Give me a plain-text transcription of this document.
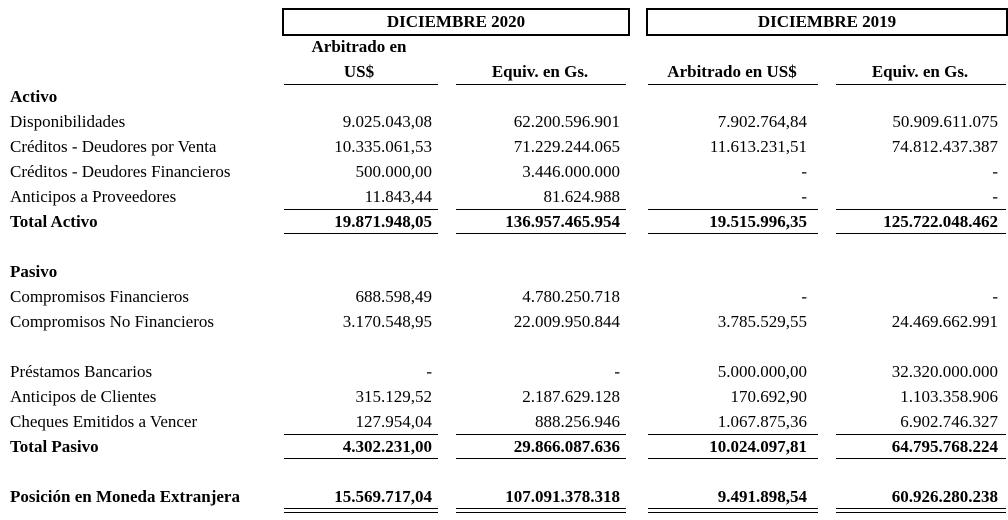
DICIEMBRE 2020	DICIEMBRE 2019
Arbitrado en
US$	Equiv. en Gs.	Arbitrado en US$	Equiv. en Gs.
Activo
Disponibilidades	9.025.043,08	62.200.596.901	7.902.764,84	50.909.611.075
Créditos - Deudores por Venta	10.335.061,53	71.229.244.065	11.613.231,51	74.812.437.387
Créditos - Deudores Financieros	500.000,00	3.446.000.000	-	-
Anticipos a Proveedores	11.843,44	81.624.988	-	-
Total Activo	19.871.948,05	136.957.465.954	19.515.996,35	125.722.048.462
Pasivo
Compromisos Financieros	688.598,49	4.780.250.718	-	-
Compromisos No Financieros	3.170.548,95	22.009.950.844	3.785.529,55	24.469.662.991
Préstamos Bancarios	-	-	5.000.000,00	32.320.000.000
Anticipos de Clientes	315.129,52	2.187.629.128	170.692,90	1.103.358.906
Cheques Emitidos a Vencer	127.954,04	888.256.946	1.067.875,36	6.902.746.327
Total Pasivo	4.302.231,00	29.866.087.636	10.024.097,81	64.795.768.224
Posición en Moneda Extranjera	15.569.717,04	107.091.378.318	9.491.898,54	60.926.280.238
